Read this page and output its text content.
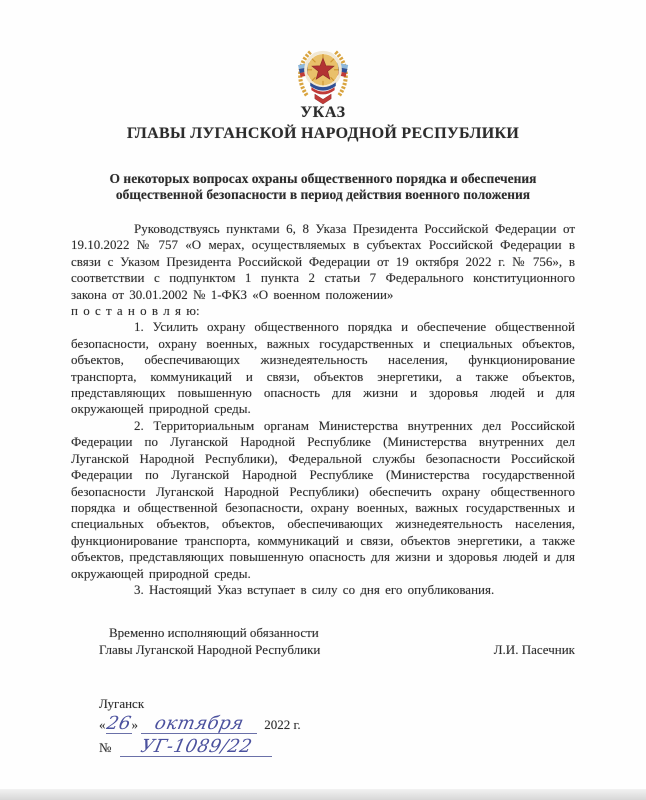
УКАЗ
ГЛАВЫ ЛУГАНСКОЙ НАРОДНОЙ РЕСПУБЛИКИ
О некоторых вопросах охраны общественного порядка и обеспечения
общественной безопасности в период действия военного положения

Руководствуясь пунктами 6, 8 Указа Президента Российской Федерации от 19.10.2022 № 757 «О мерах, осуществляемых в субъектах Российской Федерации в связи с Указом Президента Российской Федерации от 19 октября 2022 г. № 756», в соответствии с подпунктом 1 пункта 2 статьи 7 Федерального конституционного закона от 30.01.2002 № 1-ФКЗ «О военном положении»

п о с т а н о в л я ю:

1. Усилить охрану общественного порядка и обеспечение общественной безопасности, охрану военных, важных государственных и специальных объектов, объектов, обеспечивающих жизнедеятельность населения, функционирование транспорта, коммуникаций и связи, объектов энергетики, а также объектов, представляющих повышенную опасность для жизни и здоровья людей и для окружающей природной среды.

2. Территориальным органам Министерства внутренних дел Российской Федерации по Луганской Народной Республике (Министерства внутренних дел Луганской Народной Республики), Федеральной службы безопасности Российской Федерации по Луганской Народной Республике (Министерства государственной безопасности Луганской Народной Республики) обеспечить охрану общественного порядка и общественной безопасности, охрану военных, важных государственных и специальных объектов, объектов, обеспечивающих жизнедеятельность населения, функционирование транспорта, коммуникаций и связи, объектов энергетики, а также объектов, представляющих повышенную опасность для жизни и здоровья людей и для окружающей природной среды.

3. Настоящий Указ вступает в силу со дня его опубликования.

Временно исполняющий обязанности
Главы Луганской Народной Республики	Л.И. Пасечник
Луганск
«26» октября 2022 г.
№ УГ-1089/22
